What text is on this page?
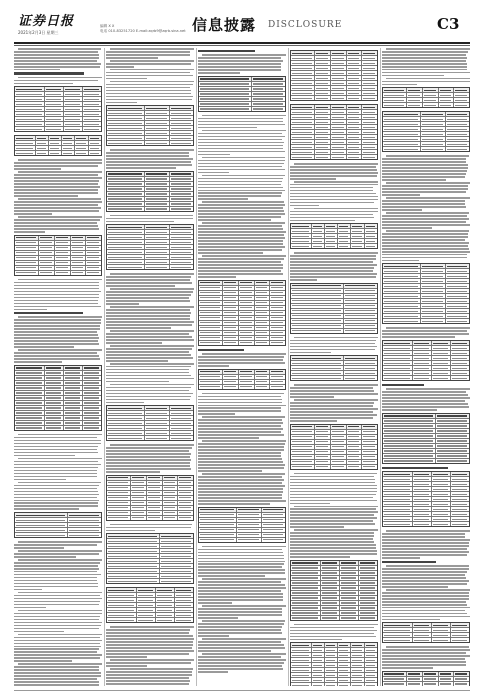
证券日报
2021年2月3日 星期三
编辑 X X
电话 010-83251720 E-mail:zqrb9@zqrb.sina.net 信息披露 DISCLOSURE	C3
